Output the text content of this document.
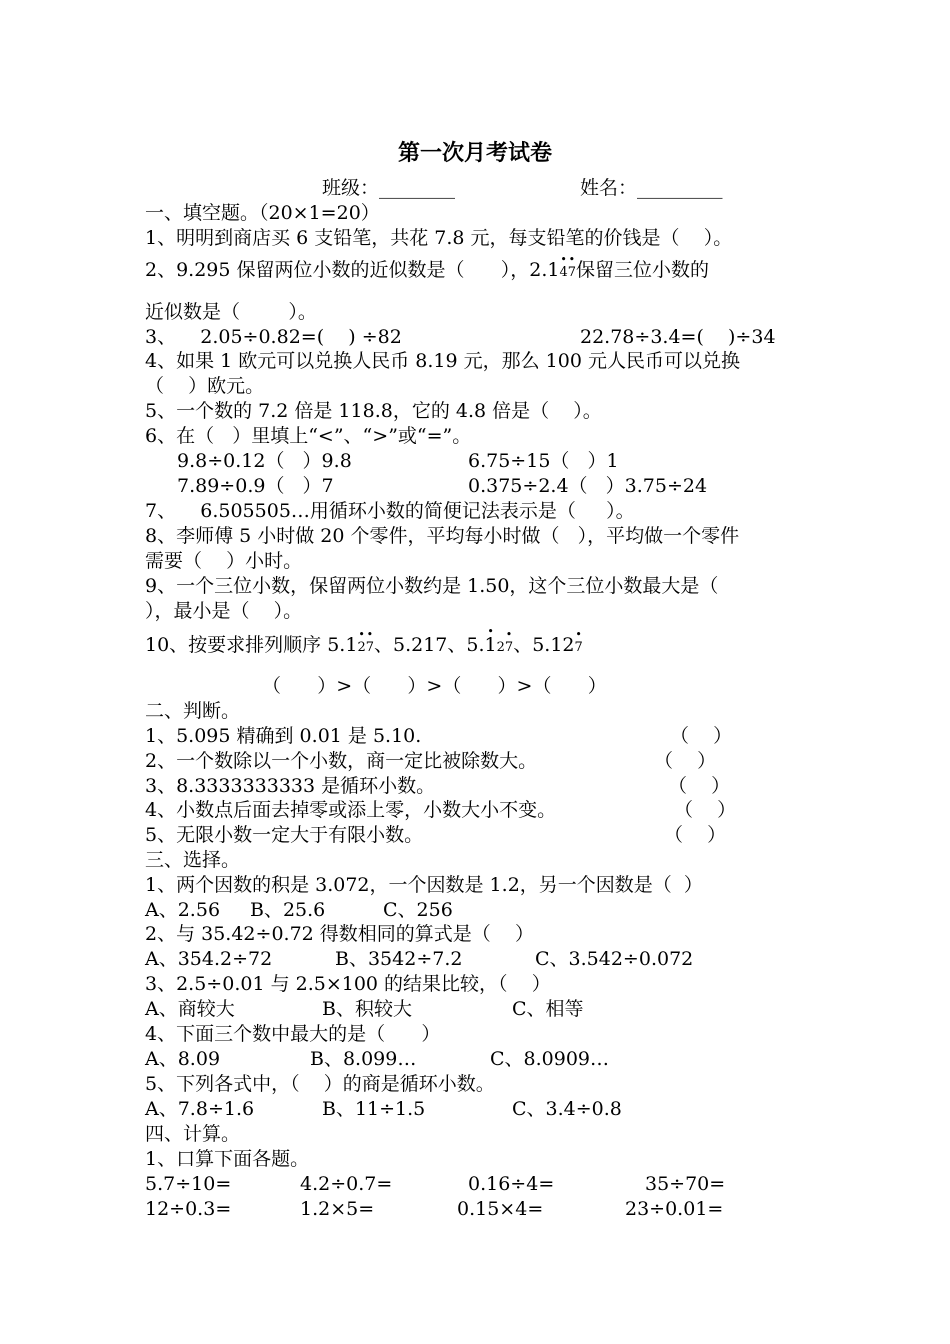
第一次月考试卷
班级：________	姓名：_________
一、填空题。（20×1=20）
1、明明到商店买 6 支铅笔，共花 7.8 元，每支铅笔的价钱是（    ）。
2、9.295 保留两位小数的近似数是（      ），2.1• 4• 7保留三位小数的
近似数是（        ）。
3、    2.05÷0.82=(    ) ÷82	22.78÷3.4=(    )÷34
4、如果 1 欧元可以兑换人民币 8.19 元，那么 100 元人民币可以兑换
（    ）欧元。
5、一个数的 7.2 倍是 118.8，它的 4.8 倍是（    ）。
6、在（   ）里填上“<”、“>”或“=”。
9.8÷0.12（   ）9.8	6.75÷15（   ）1
7.89÷0.9（   ）7	0.375÷2.4（   ）3.75÷24
7、    6.505505…用循环小数的简便记法表示是（     ）。
8、李师傅 5 小时做 20 个零件，平均每小时做（   ），平均做一个零件
需要（    ）小时。
9、一个三位小数，保留两位小数约是 1.50，这个三位小数最大是（
），最小是（    ）。
10、按要求排列顺序 5.1• 2• 7、5.217、5.• 12• 7、5.12• 7
（      ）>（      ）>（      ）>（      ）
二、判断。
1、5.095 精确到 0.01 是 5.10.	（    ）
2、一个数除以一个小数，商一定比被除数大。	（    ）
3、8.3333333333 是循环小数。	（    ）
4、小数点后面去掉零或添上零，小数大小不变。	（    ）
5、无限小数一定大于有限小数。	（    ）
三、选择。
1、两个因数的积是 3.072，一个因数是 1.2，另一个因数是（  ）
A、2.56 B、25.6	C、256
2、与 35.42÷0.72 得数相同的算式是（    ）
A、354.2÷72	B、3542÷7.2	C、3.542÷0.072
3、2.5÷0.01 与 2.5×100 的结果比较，（    ）
A、商较大	B、积较大	C、相等
4、下面三个数中最大的是（      ）
A、8.09	B、8.099…	C、8.0909…
5、下列各式中，（    ）的商是循环小数。
A、7.8÷1.6	B、11÷1.5	C、3.4÷0.8
四、计算。
1、口算下面各题。
5.7÷10=	4.2÷0.7=	0.16÷4=	35÷70=
12÷0.3=	1.2×5=	0.15×4=	23÷0.01=
